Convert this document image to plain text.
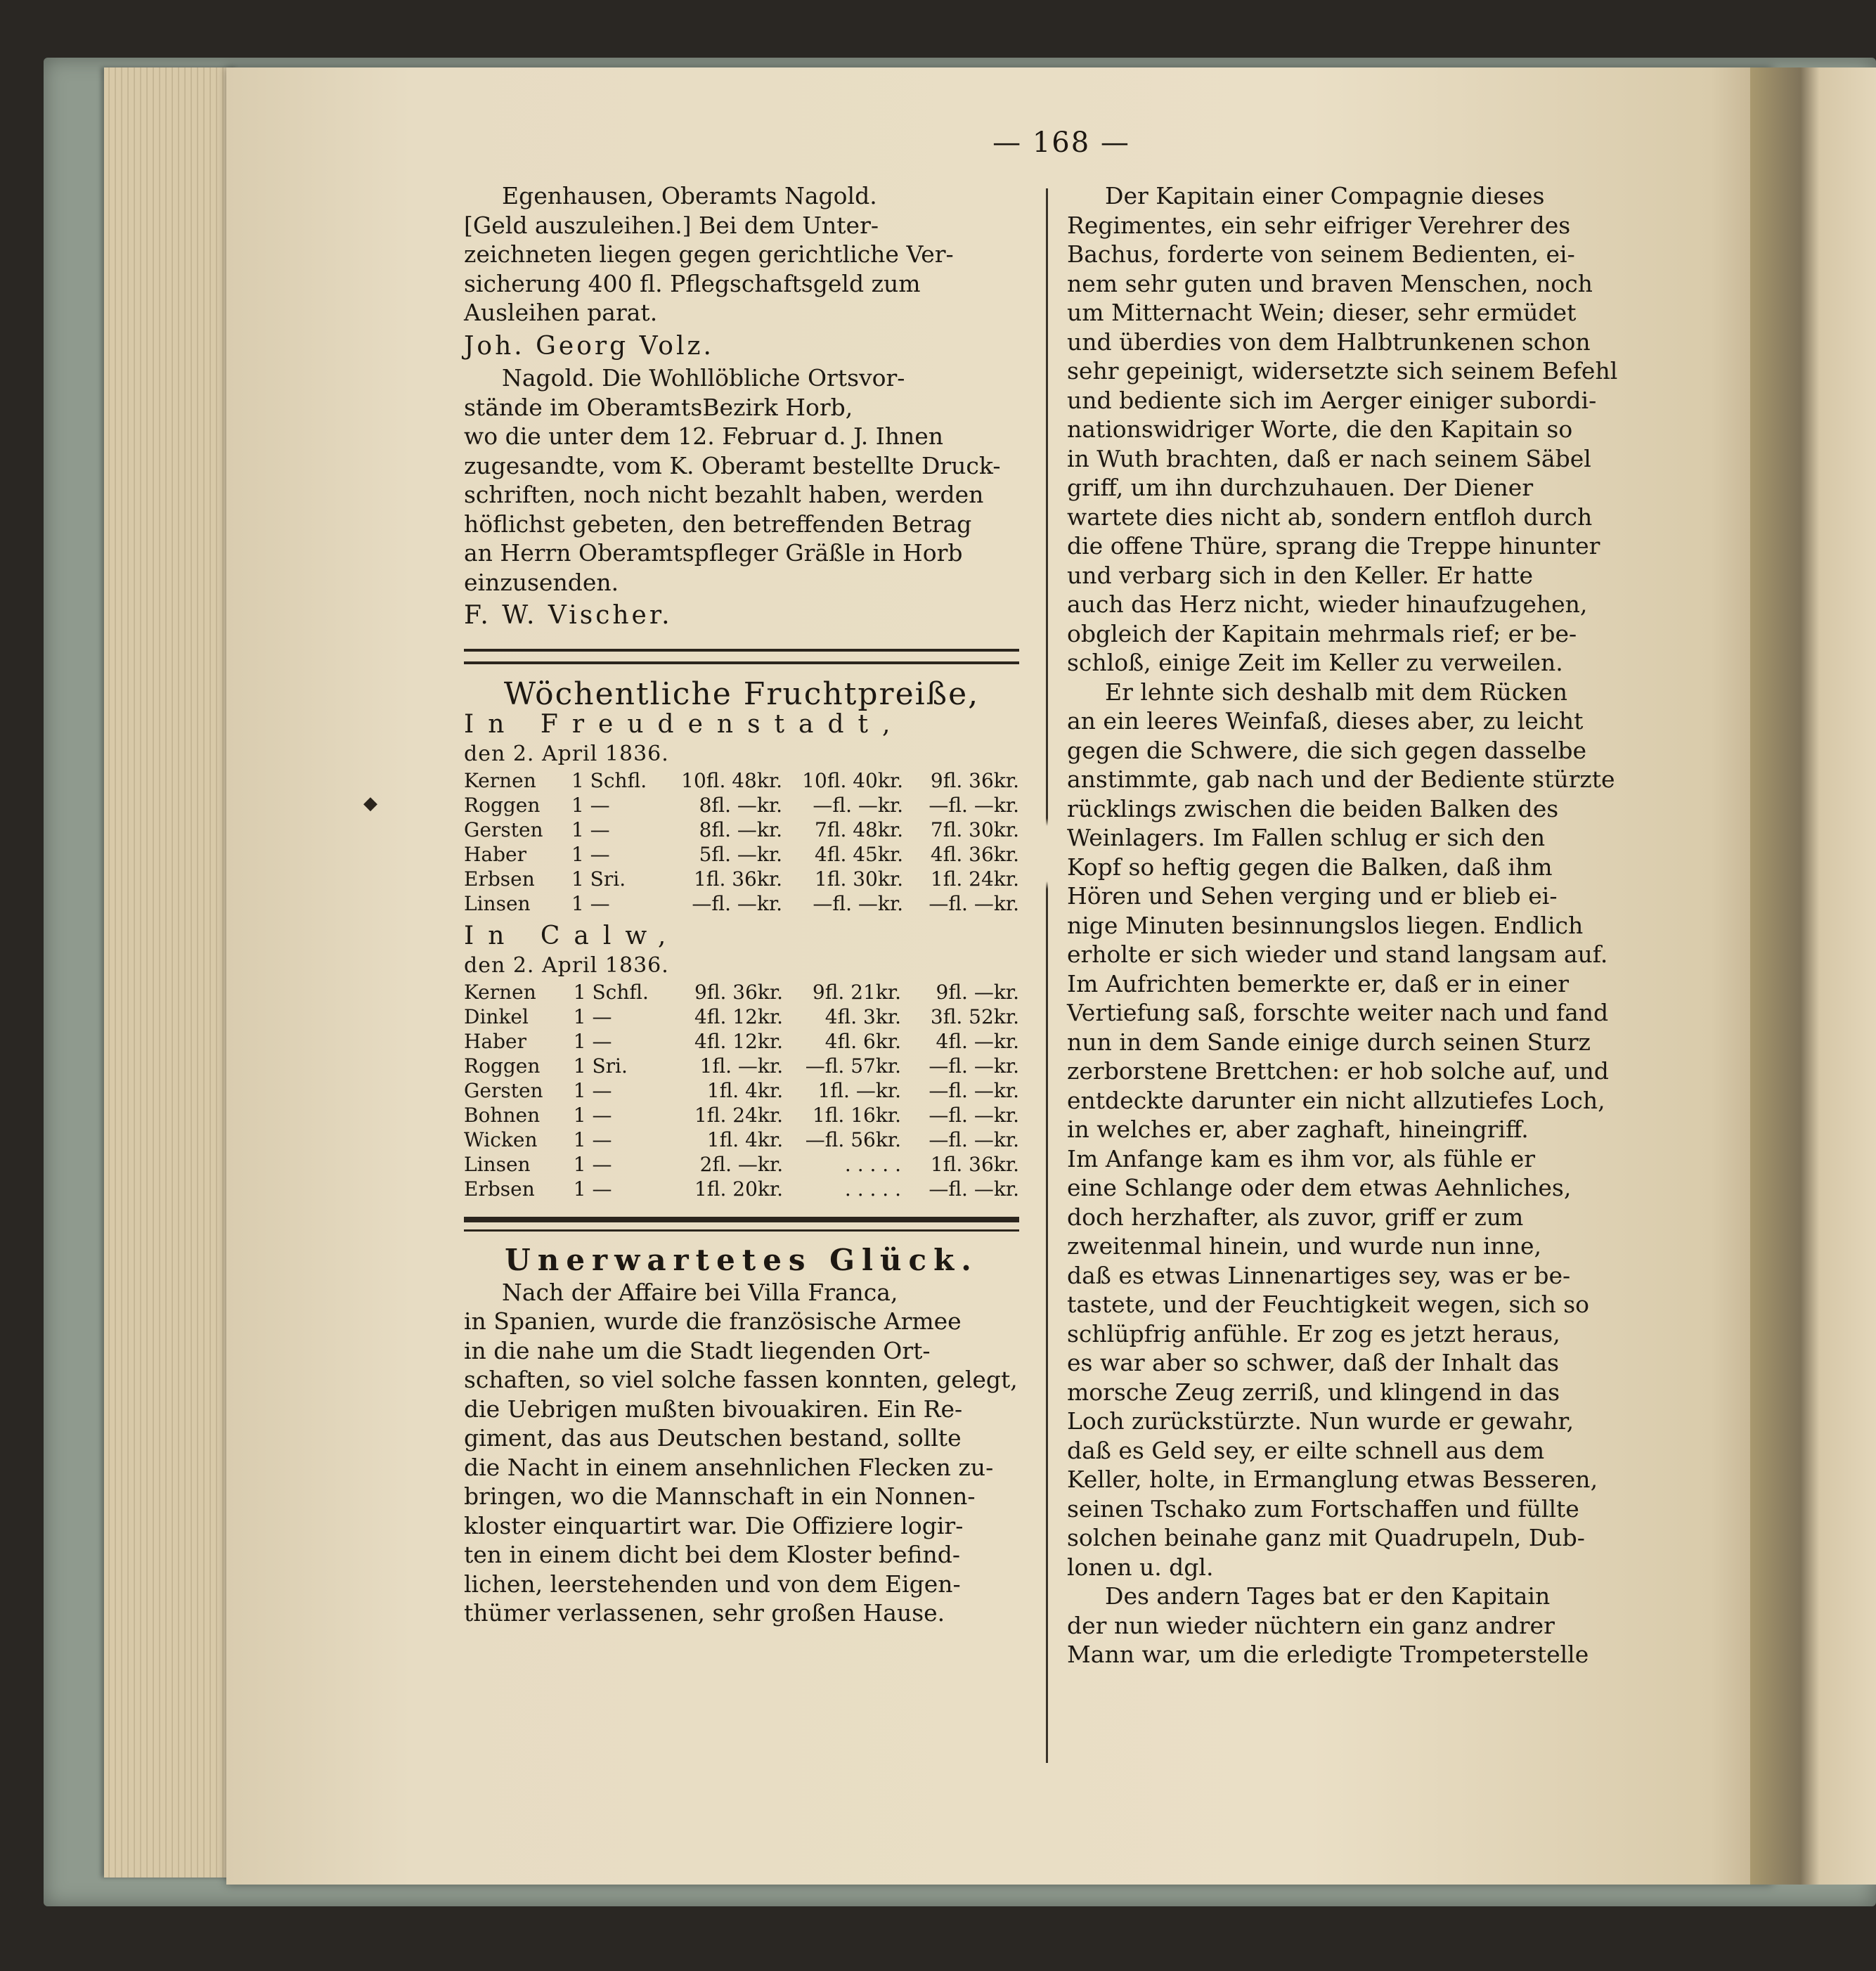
— 168 —
◆

Egenhausen, Oberamts Nagold.

[Geld auszuleihen.] Bei dem Unter-

zeichneten liegen gegen gerichtliche Ver-

sicherung 400 fl. Pflegschaftsgeld zum

Ausleihen parat.

Joh. Georg Volz.

Nagold. Die Wohllöbliche Ortsvor-

stände im OberamtsBezirk Horb,

wo die unter dem 12. Februar d. J. Ihnen

zugesandte, vom K. Oberamt bestellte Druck-

schriften, noch nicht bezahlt haben, werden

höflichst gebeten, den betreffenden Betrag

an Herrn Oberamtspfleger Gräßle in Horb

einzusenden.

F. W. Vischer.

Wöchentliche Fruchtpreiße,

In Freudenstadt,

den 2. April 1836.

Kernen	1 Schfl.	10fl. 48kr.	10fl. 40kr.	9fl. 36kr.
Roggen	1 —	8fl. —kr.	—fl. —kr.	—fl. —kr.
Gersten	1 —	8fl. —kr.	7fl. 48kr.	7fl. 30kr.
Haber	1 —	5fl. —kr.	4fl. 45kr.	4fl. 36kr.
Erbsen	1 Sri.	1fl. 36kr.	1fl. 30kr.	1fl. 24kr.
Linsen	1 —	—fl. —kr.	—fl. —kr.	—fl. —kr.

In Calw,

den 2. April 1836.

Kernen	1 Schfl.	9fl. 36kr.	9fl. 21kr.	9fl. —kr.
Dinkel	1 —	4fl. 12kr.	4fl. 3kr.	3fl. 52kr.
Haber	1 —	4fl. 12kr.	4fl. 6kr.	4fl. —kr.
Roggen	1 Sri.	1fl. —kr.	—fl. 57kr.	—fl. —kr.
Gersten	1 —	1fl. 4kr.	1fl. —kr.	—fl. —kr.
Bohnen	1 —	1fl. 24kr.	1fl. 16kr.	—fl. —kr.
Wicken	1 —	1fl. 4kr.	—fl. 56kr.	—fl. —kr.
Linsen	1 —	2fl. —kr.	. . . . .	1fl. 36kr.
Erbsen	1 —	1fl. 20kr.	. . . . .	—fl. —kr.
Unerwartetes Glück.

Nach der Affaire bei Villa Franca,

in Spanien, wurde die französische Armee

in die nahe um die Stadt liegenden Ort-

schaften, so viel solche fassen konnten, gelegt,

die Uebrigen mußten bivouakiren. Ein Re-

giment, das aus Deutschen bestand, sollte

die Nacht in einem ansehnlichen Flecken zu-

bringen, wo die Mannschaft in ein Nonnen-

kloster einquartirt war. Die Offiziere logir-

ten in einem dicht bei dem Kloster befind-

lichen, leerstehenden und von dem Eigen-

thümer verlassenen, sehr großen Hause.

Der Kapitain einer Compagnie dieses

Regimentes, ein sehr eifriger Verehrer des

Bachus, forderte von seinem Bedienten, ei-

nem sehr guten und braven Menschen, noch

um Mitternacht Wein; dieser, sehr ermüdet

und überdies von dem Halbtrunkenen schon

sehr gepeinigt, widersetzte sich seinem Befehl

und bediente sich im Aerger einiger subordi-

nationswidriger Worte, die den Kapitain so

in Wuth brachten, daß er nach seinem Säbel

griff, um ihn durchzuhauen. Der Diener

wartete dies nicht ab, sondern entfloh durch

die offene Thüre, sprang die Treppe hinunter

und verbarg sich in den Keller. Er hatte

auch das Herz nicht, wieder hinaufzugehen,

obgleich der Kapitain mehrmals rief; er be-

schloß, einige Zeit im Keller zu verweilen.

Er lehnte sich deshalb mit dem Rücken

an ein leeres Weinfaß, dieses aber, zu leicht

gegen die Schwere, die sich gegen dasselbe

anstimmte, gab nach und der Bediente stürzte

rücklings zwischen die beiden Balken des

Weinlagers. Im Fallen schlug er sich den

Kopf so heftig gegen die Balken, daß ihm

Hören und Sehen verging und er blieb ei-

nige Minuten besinnungslos liegen. Endlich

erholte er sich wieder und stand langsam auf.

Im Aufrichten bemerkte er, daß er in einer

Vertiefung saß, forschte weiter nach und fand

nun in dem Sande einige durch seinen Sturz

zerborstene Brettchen: er hob solche auf, und

entdeckte darunter ein nicht allzutiefes Loch,

in welches er, aber zaghaft, hineingriff.

Im Anfange kam es ihm vor, als fühle er

eine Schlange oder dem etwas Aehnliches,

doch herzhafter, als zuvor, griff er zum

zweitenmal hinein, und wurde nun inne,

daß es etwas Linnenartiges sey, was er be-

tastete, und der Feuchtigkeit wegen, sich so

schlüpfrig anfühle. Er zog es jetzt heraus,

es war aber so schwer, daß der Inhalt das

morsche Zeug zerriß, und klingend in das

Loch zurückstürzte. Nun wurde er gewahr,

daß es Geld sey, er eilte schnell aus dem

Keller, holte, in Ermanglung etwas Besseren,

seinen Tschako zum Fortschaffen und füllte

solchen beinahe ganz mit Quadrupeln, Dub-

lonen u. dgl.

Des andern Tages bat er den Kapitain

der nun wieder nüchtern ein ganz andrer

Mann war, um die erledigte Trompeterstelle
